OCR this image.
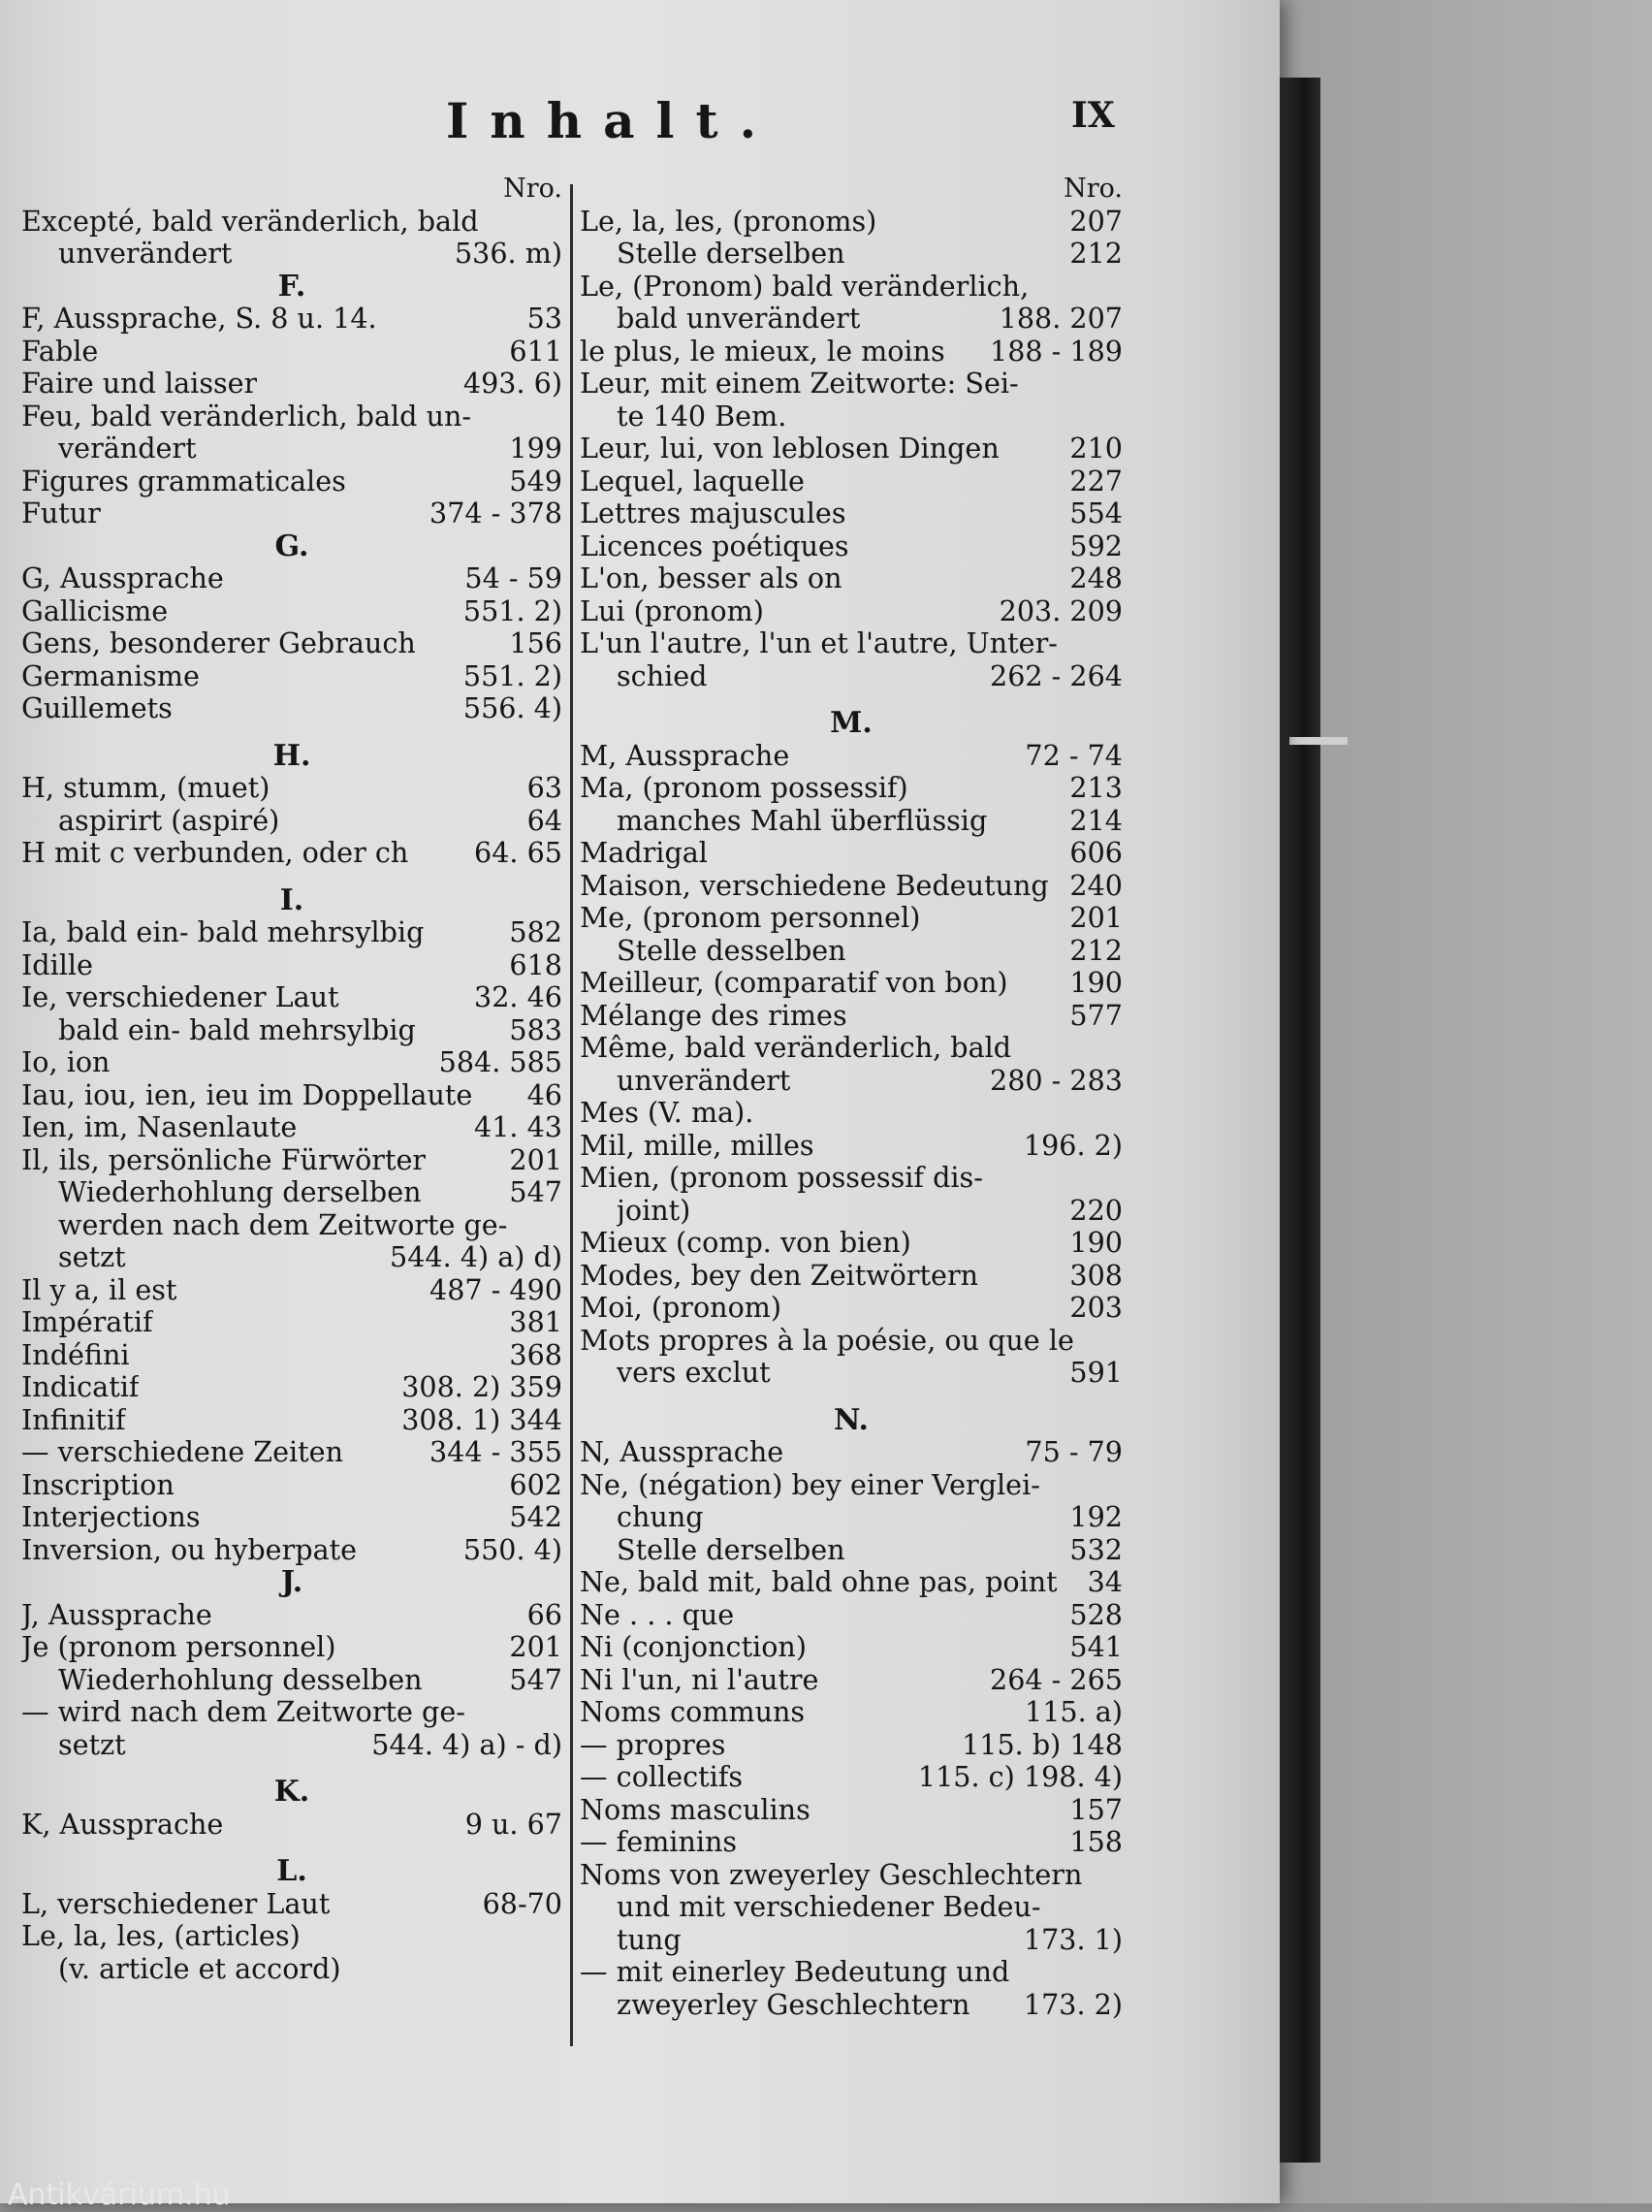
Inhalt.	IX
Nro.
Excepté, bald veränderlich, bald
unverändert	536. m)
F.
F, Aussprache, S. 8 u. 14.	53
Fable	611
Faire und laisser	493. 6)
Feu, bald veränderlich, bald un-
verändert	199
Figures grammaticales	549
Futur	374 - 378
G.
G, Aussprache	54 - 59
Gallicisme	551. 2)
Gens, besonderer Gebrauch	156
Germanisme	551. 2)
Guillemets	556. 4)
H.
H, stumm, (muet)	63
aspirirt (aspiré)	64
H mit c verbunden, oder ch	64. 65
I.
Ia, bald ein- bald mehrsylbig	582
Idille	618
Ie, verschiedener Laut	32. 46
bald ein- bald mehrsylbig	583
Io, ion	584. 585
Iau, iou, ien, ieu im Doppellaute	46
Ien, im, Nasenlaute	41. 43
Il, ils, persönliche Fürwörter	201
Wiederhohlung derselben	547
werden nach dem Zeitworte ge-
setzt	544. 4) a) d)
Il y a, il est	487 - 490
Impératif	381
Indéfini	368
Indicatif	308. 2) 359
Infinitif	308. 1) 344
— verschiedene Zeiten	344 - 355
Inscription	602
Interjections	542
Inversion, ou hyberpate	550. 4)
J.
J, Aussprache	66
Je (pronom personnel)	201
Wiederhohlung desselben	547
— wird nach dem Zeitworte ge-
setzt	544. 4) a) - d)
K.
K, Aussprache	9 u. 67
L.
L, verschiedener Laut	68-70
Le, la, les, (articles)
(v. article et accord)
Nro.
Le, la, les, (pronoms)	207
Stelle derselben	212
Le, (Pronom) bald veränderlich,
bald unverändert	188. 207
le plus, le mieux, le moins	188 - 189
Leur, mit einem Zeitworte: Sei-
te 140 Bem.
Leur, lui, von leblosen Dingen	210
Lequel, laquelle	227
Lettres majuscules	554
Licences poétiques	592
L'on, besser als on	248
Lui (pronom)	203. 209
L'un l'autre, l'un et l'autre, Unter-
schied	262 - 264
M.
M, Aussprache	72 - 74
Ma, (pronom possessif)	213
manches Mahl überflüssig	214
Madrigal	606
Maison, verschiedene Bedeutung 240
Me, (pronom personnel)	201
Stelle desselben	212
Meilleur, (comparatif von bon)	190
Mélange des rimes	577
Même, bald veränderlich, bald
unverändert	280 - 283
Mes (V. ma).
Mil, mille, milles	196. 2)
Mien, (pronom possessif dis-
joint)	220
Mieux (comp. von bien)	190
Modes, bey den Zeitwörtern	308
Moi, (pronom)	203
Mots propres à la poésie, ou que le
vers exclut	591
N.
N, Aussprache	75 - 79
Ne, (négation) bey einer Verglei-
chung	192
Stelle derselben	532
Ne, bald mit, bald ohne pas, point	34
Ne . . . que	528
Ni (conjonction)	541
Ni l'un, ni l'autre	264 - 265
Noms communs	115. a)
— propres	115. b) 148
— collectifs	115. c) 198. 4)
Noms masculins	157
— feminins	158
Noms von zweyerley Geschlechtern
und mit verschiedener Bedeu-
tung	173. 1)
— mit einerley Bedeutung und
zweyerley Geschlechtern	173. 2)
Antikvárium.hu
